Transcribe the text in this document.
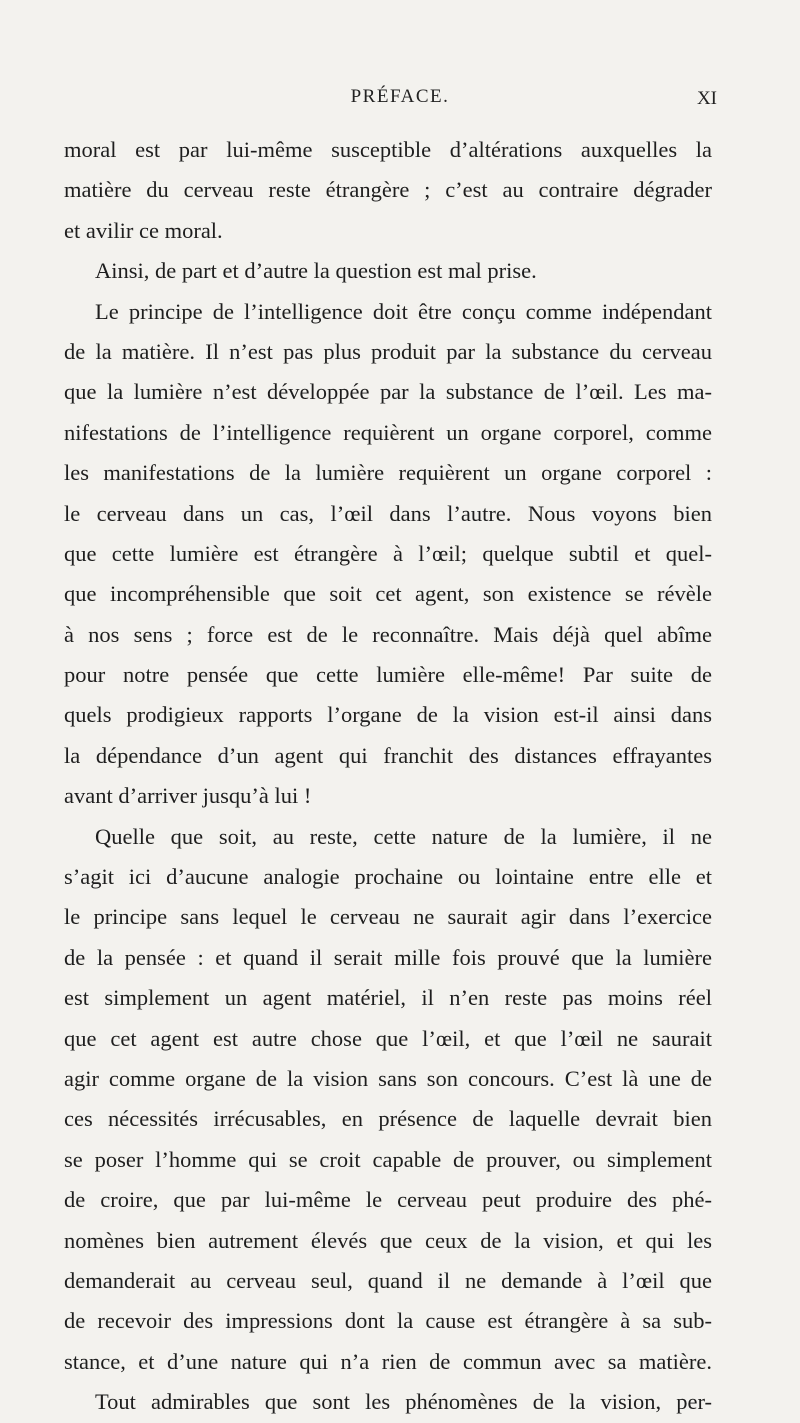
PRÉFACE.	XI
moral est par lui-même susceptible d’altérations auxquelles la
matière du cerveau reste étrangère ; c’est au contraire dégrader
et avilir ce moral.
Ainsi, de part et d’autre la question est mal prise.
Le principe de l’intelligence doit être conçu comme indépendant
de la matière. Il n’est pas plus produit par la substance du cerveau
que la lumière n’est développée par la substance de l’œil. Les ma-
nifestations de l’intelligence requièrent un organe corporel, comme
les manifestations de la lumière requièrent un organe corporel :
le cerveau dans un cas, l’œil dans l’autre. Nous voyons bien
que cette lumière est étrangère à l’œil; quelque subtil et quel-
que incompréhensible que soit cet agent, son existence se révèle
à nos sens ; force est de le reconnaître. Mais déjà quel abîme
pour notre pensée que cette lumière elle-même! Par suite de
quels prodigieux rapports l’organe de la vision est-il ainsi dans
la dépendance d’un agent qui franchit des distances effrayantes
avant d’arriver jusqu’à lui !
Quelle que soit, au reste, cette nature de la lumière, il ne
s’agit ici d’aucune analogie prochaine ou lointaine entre elle et
le principe sans lequel le cerveau ne saurait agir dans l’exercice
de la pensée : et quand il serait mille fois prouvé que la lumière
est simplement un agent matériel, il n’en reste pas moins réel
que cet agent est autre chose que l’œil, et que l’œil ne saurait
agir comme organe de la vision sans son concours. C’est là une de
ces nécessités irrécusables, en présence de laquelle devrait bien
se poser l’homme qui se croit capable de prouver, ou simplement
de croire, que par lui-même le cerveau peut produire des phé-
nomènes bien autrement élevés que ceux de la vision, et qui les
demanderait au cerveau seul, quand il ne demande à l’œil que
de recevoir des impressions dont la cause est étrangère à sa sub-
stance, et d’une nature qui n’a rien de commun avec sa matière.
Tout admirables que sont les phénomènes de la vision, per-
